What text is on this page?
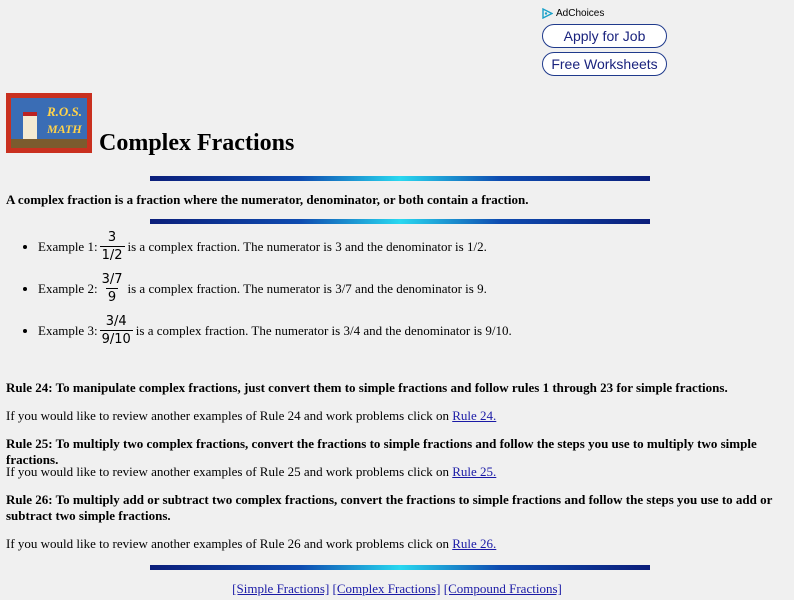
AdChoices
Apply for Job
Free Worksheets
R.O.S.
MATH
Complex Fractions

A complex fraction is a fraction where the numerator, denominator, or both contain a fraction.

• Example 1: $\frac{3}{1/2}$ is a complex fraction. The numerator is 3 and the denominator is 1/2.
• Example 2: $\frac{3/7}{9}$ is a complex fraction. The numerator is 3/7 and the denominator is 9.
• Example 3: $\frac{3/4}{9/10}$ is a complex fraction. The numerator is 3/4 and the denominator is 9/10.

Rule 24: To manipulate complex fractions, just convert them to simple fractions and follow rules 1 through 23 for simple fractions.

If you would like to review another examples of Rule 24 and work problems click on Rule 24.

Rule 25: To multiply two complex fractions, convert the fractions to simple fractions and follow the steps you use to multiply two simple fractions.

If you would like to review another examples of Rule 25 and work problems click on Rule 25.

Rule 26: To multiply add or subtract two complex fractions, convert the fractions to simple fractions and follow the steps you use to add or subtract two simple fractions.

If you would like to review another examples of Rule 26 and work problems click on Rule 26.

[Simple Fractions] [Complex Fractions] [Compound Fractions]
